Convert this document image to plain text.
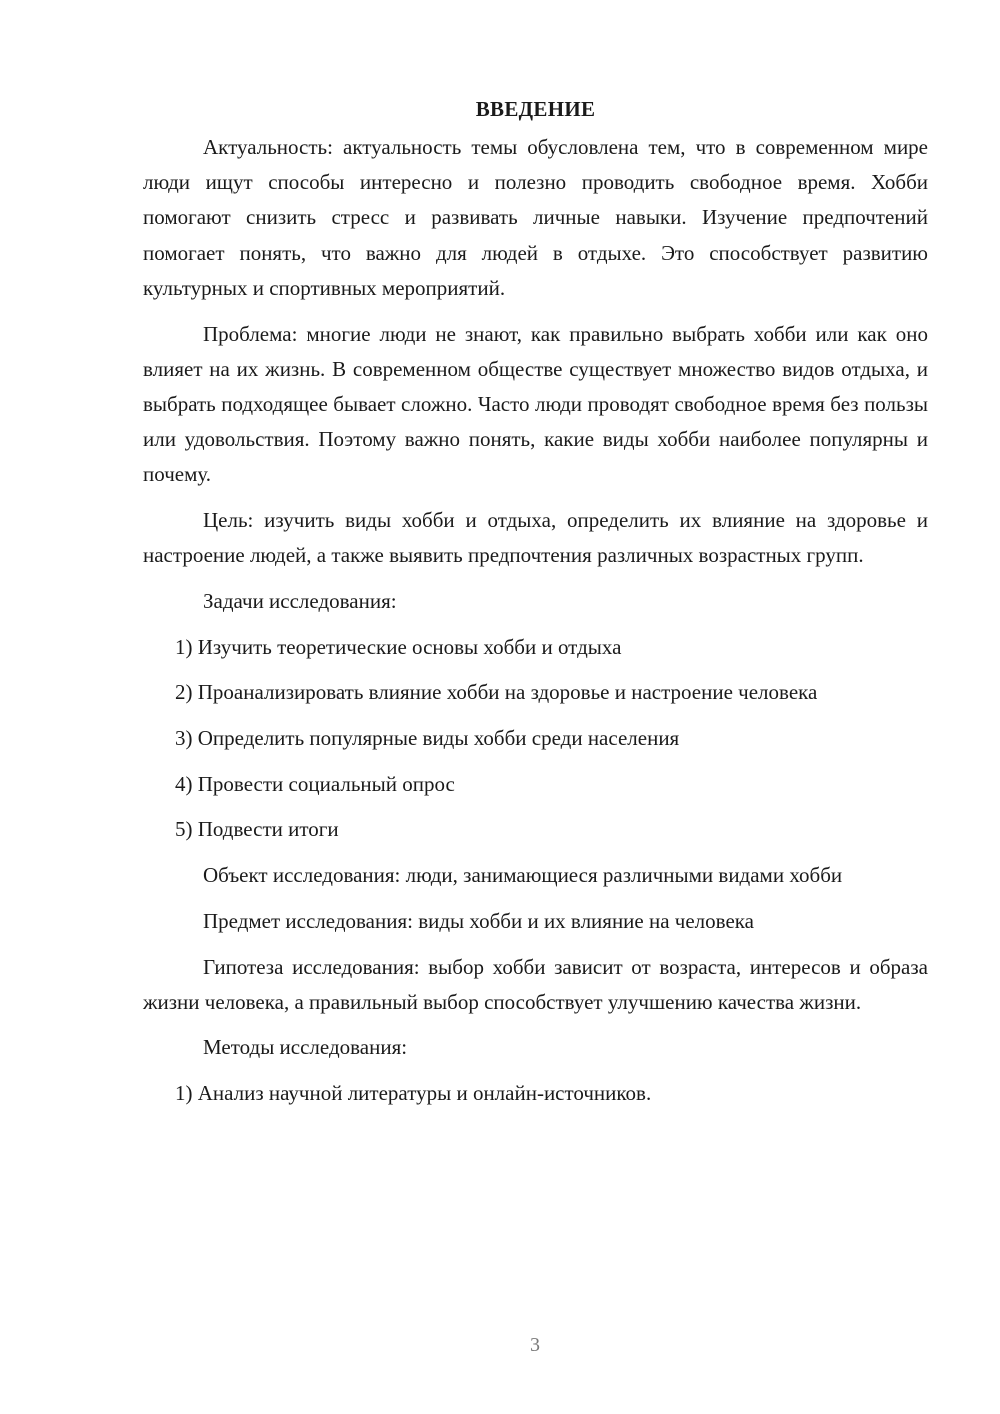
ВВЕДЕНИЕ

Актуальность: актуальность темы обусловлена тем, что в современном мире люди ищут способы интересно и полезно проводить свободное время. Хобби помогают снизить стресс и развивать личные навыки. Изучение предпочтений помогает понять, что важно для людей в отдыхе. Это способствует развитию культурных и спортивных мероприятий.

Проблема: многие люди не знают, как правильно выбрать хобби или как оно влияет на их жизнь. В современном обществе существует множество видов отдыха, и выбрать подходящее бывает сложно. Часто люди проводят свободное время без пользы или удовольствия. Поэтому важно понять, какие виды хобби наиболее популярны и почему.

Цель: изучить виды хобби и отдыха, определить их влияние на здоровье и настроение людей, а также выявить предпочтения различных возрастных групп.

Задачи исследования:

1) Изучить теоретические основы хобби и отдыха

2) Проанализировать влияние хобби на здоровье и настроение человека

3) Определить популярные виды хобби среди населения

4) Провести социальный опрос

5) Подвести итоги

Объект исследования: люди, занимающиеся различными видами хобби

Предмет исследования: виды хобби и их влияние на человека

Гипотеза исследования: выбор хобби зависит от возраста, интересов и образа жизни человека, а правильный выбор способствует улучшению качества жизни.

Методы исследования:

1) Анализ научной литературы и онлайн-источников.

3
